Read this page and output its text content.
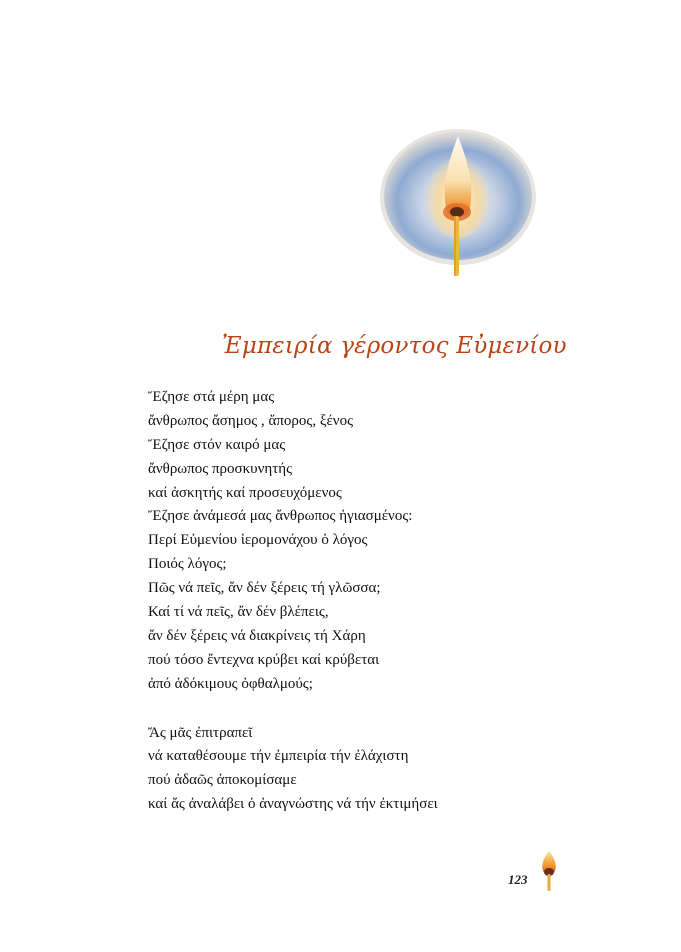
Ἐμπειρία γέροντος Εὐμενίου
Ἔζησε στά μέρη μας
ἄνθρωπος ἄσημος , ἄπορος, ξένος
Ἔζησε στόν καιρό μας
ἄνθρωπος προσκυνητής
καί ἀσκητής καί προσευχόμενος
Ἔζησε ἀνάμεσά μας ἄνθρωπος ἡγιασμένος:
Περί Εὐμενίου ἱερομονάχου ὁ λόγος
Ποιός λόγος;
Πῶς νά πεῖς, ἄν δέν ξέρεις τή γλῶσσα;
Καί τί νά πεῖς, ἄν δέν βλέπεις,
ἄν δέν ξέρεις νά διακρίνεις τή Χάρη
πού τόσο ἔντεχνα κρύβει καί κρύβεται
ἀπό ἀδόκιμους ὀφθαλμούς;
Ἄς μᾶς ἐπιτραπεῖ
νά καταθέσουμε τήν ἐμπειρία τήν ἐλάχιστη
πού ἀδαῶς ἀποκομίσαμε
καί ἄς ἀναλάβει ὁ ἀναγνώστης νά τήν ἐκτιμήσει
123
